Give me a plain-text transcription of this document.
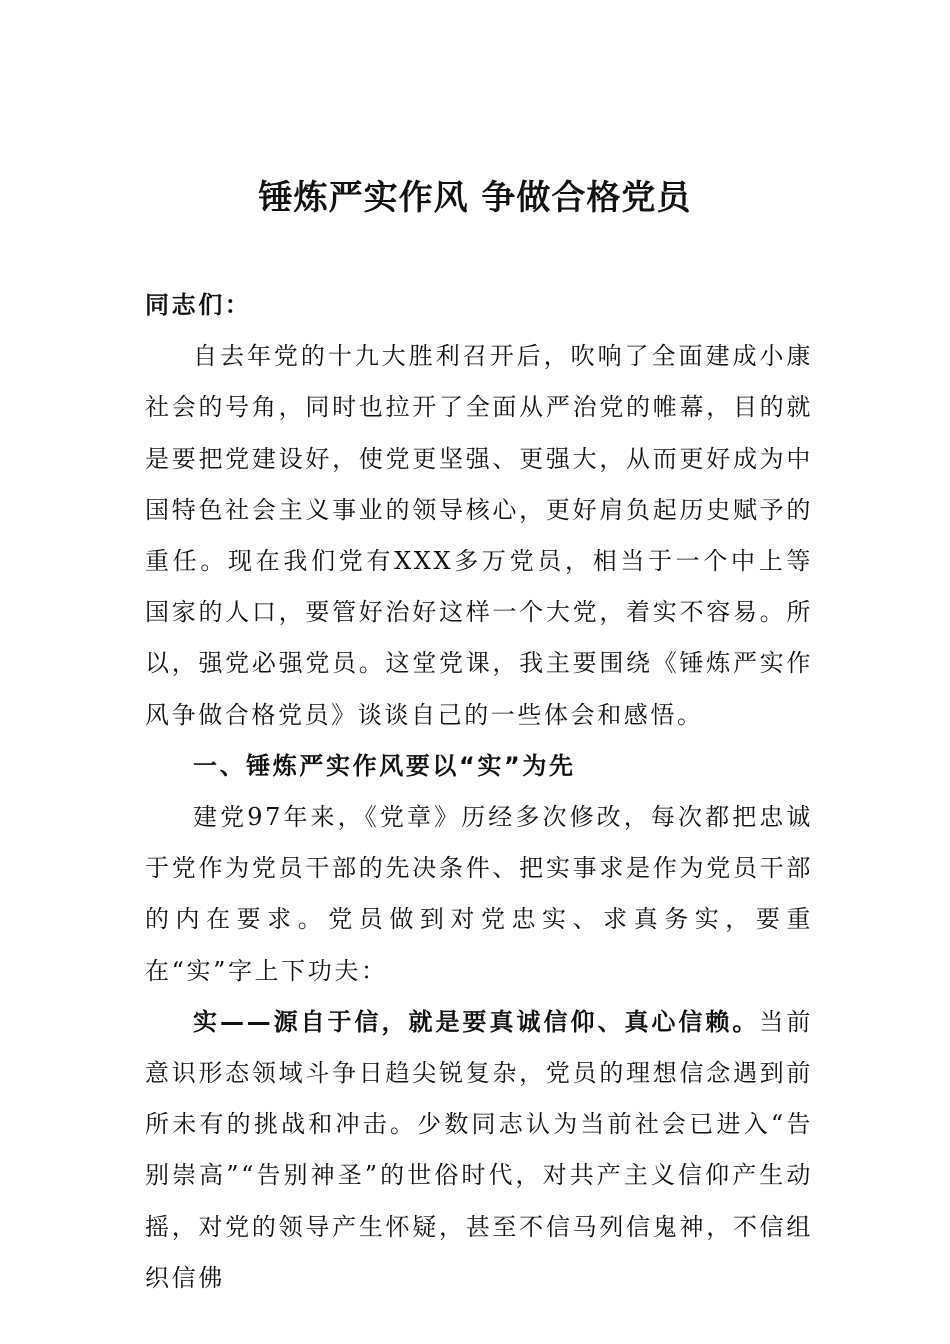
锤炼严实作风 争做合格党员

同志们：

自去年党的十九大胜利召开后，吹响了全面建成小康社会的号角，同时也拉开了全面从严治党的帷幕，目的就是要把党建设好，使党更坚强、更强大，从而更好成为中国特色社会主义事业的领导核心，更好肩负起历史赋予的重任。现在我们党有XXX多万党员，相当于一个中上等国家的人口，要管好治好这样一个大党，着实不容易。所以，强党必强党员。这堂党课，我主要围绕《锤炼严实作风争做合格党员》谈谈自己的一些体会和感悟。

一、锤炼严实作风要以“实”为先

建党97年来，《党章》历经多次修改，每次都把忠诚于党作为党员干部的先决条件、把实事求是作为党员干部的内在要求。党员做到对党忠实、求真务实，要重在“实”字上下功夫：

实——源自于信，就是要真诚信仰、真心信赖。当前意识形态领域斗争日趋尖锐复杂，党员的理想信念遇到前所未有的挑战和冲击。少数同志认为当前社会已进入“告别崇高”“告别神圣”的世俗时代，对共产主义信仰产生动摇，对党的领导产生怀疑，甚至不信马列信鬼神，不信组织信佛
